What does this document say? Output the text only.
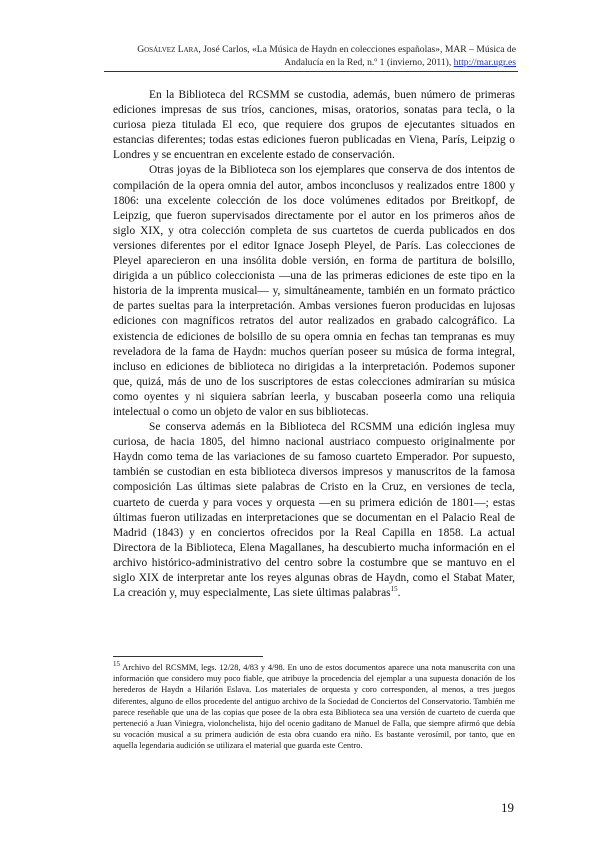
Gosálvez Lara, José Carlos, «La Música de Haydn en colecciones españolas», MAR – Música de Andalucía en la Red, n.º 1 (invierno, 2011), http://mar.ugr.es

En la Biblioteca del RCSMM se custodia, además, buen número de primeras ediciones impresas de sus tríos, canciones, misas, oratorios, sonatas para tecla, o la curiosa pieza titulada El eco, que requiere dos grupos de ejecutantes situados en estancias diferentes; todas estas ediciones fueron publicadas en Viena, París, Leipzig o Londres y se encuentran en excelente estado de conservación.

Otras joyas de la Biblioteca son los ejemplares que conserva de dos intentos de compilación de la opera omnia del autor, ambos inconclusos y realizados entre 1800 y 1806: una excelente colección de los doce volúmenes editados por Breitkopf, de Leipzig, que fueron supervisados directamente por el autor en los primeros años de siglo XIX, y otra colección completa de sus cuartetos de cuerda publicados en dos versiones diferentes por el editor Ignace Joseph Pleyel, de París. Las colecciones de Pleyel aparecieron en una insólita doble versión, en forma de partitura de bolsillo, dirigida a un público coleccionista —una de las primeras ediciones de este tipo en la historia de la imprenta musical— y, simultáneamente, también en un formato práctico de partes sueltas para la interpretación. Ambas versiones fueron producidas en lujosas ediciones con magníficos retratos del autor realizados en grabado calcográfico. La existencia de ediciones de bolsillo de su opera omnia en fechas tan tempranas es muy reveladora de la fama de Haydn: muchos querían poseer su música de forma integral, incluso en ediciones de biblioteca no dirigidas a la interpretación. Podemos suponer que, quizá, más de uno de los suscriptores de estas colecciones admirarían su música como oyentes y ni siquiera sabrían leerla, y buscaban poseerla como una reliquia intelectual o como un objeto de valor en sus bibliotecas.

Se conserva además en la Biblioteca del RCSMM una edición inglesa muy curiosa, de hacia 1805, del himno nacional austriaco compuesto originalmente por Haydn como tema de las variaciones de su famoso cuarteto Emperador. Por supuesto, también se custodian en esta biblioteca diversos impresos y manuscritos de la famosa composición Las últimas siete palabras de Cristo en la Cruz, en versiones de tecla, cuarteto de cuerda y para voces y orquesta —en su primera edición de 1801—; estas últimas fueron utilizadas en interpretaciones que se documentan en el Palacio Real de Madrid (1843) y en conciertos ofrecidos por la Real Capilla en 1858. La actual Directora de la Biblioteca, Elena Magallanes, ha descubierto mucha información en el archivo histórico-administrativo del centro sobre la costumbre que se mantuvo en el siglo XIX de interpretar ante los reyes algunas obras de Haydn, como el Stabat Mater, La creación y, muy especialmente, Las siete últimas palabras$^{15}$.

$^{15}$ Archivo del RCSMM, legs. 12/28, 4/83 y 4/98. En uno de estos documentos aparece una nota manuscrita con una información que considero muy poco fiable, que atribuye la procedencia del ejemplar a una supuesta donación de los herederos de Haydn a Hilarión Eslava. Los materiales de orquesta y coro corresponden, al menos, a tres juegos diferentes, alguno de ellos procedente del antiguo archivo de la Sociedad de Conciertos del Conservatorio. También me parece reseñable que una de las copias que posee de la obra esta Biblioteca sea una versión de cuarteto de cuerda que perteneció a Juan Viniegra, violonchelista, hijo del ocenio gaditano de Manuel de Falla, que siempre afirmó que debía su vocación musical a su primera audición de esta obra cuando era niño. Es bastante verosímil, por tanto, que en aquella legendaria audición se utilizara el material que guarda este Centro.
19
